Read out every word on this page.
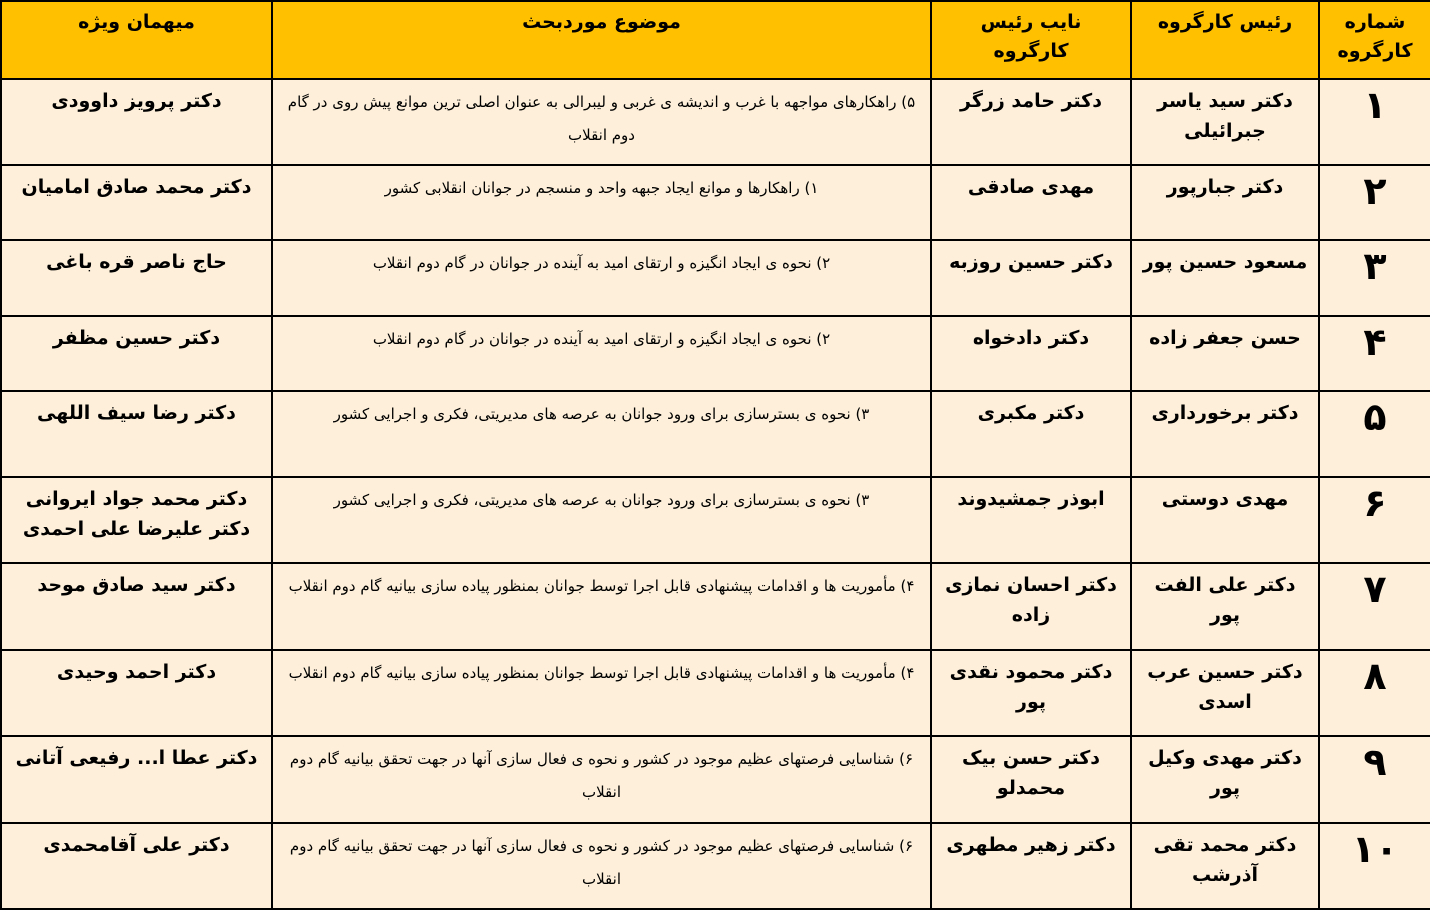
شماره کارگروه	رئیس کارگروه	نایب رئیس کارگروه	موضوع موردبحث	میهمان ویژه
۱	دکتر سید یاسر جبرائیلی	دکتر حامد زرگر	۵) راهکارهای مواجهه با غرب و اندیشه ی غربی و لیبرالی به عنوان اصلی ترین موانع پیش روی در گام دوم انقلاب	دکتر پرویز داوودی
۲	دکتر جبارپور	مهدی صادقی	۱) راهکارها و موانع ایجاد جبهه واحد و منسجم در جوانان انقلابی کشور	دکتر محمد صادق امامیان
۳	مسعود حسین پور	دکتر حسین روزبه	۲) نحوه ی ایجاد انگیزه و ارتقای امید به آینده در جوانان در گام دوم انقلاب	حاج ناصر قره باغی
۴	حسن جعفر زاده	دکتر دادخواه	۲) نحوه ی ایجاد انگیزه و ارتقای امید به آینده در جوانان در گام دوم انقلاب	دکتر حسین مظفر
۵	دکتر برخورداری	دکتر مکبری	۳) نحوه ی بسترسازی برای ورود جوانان به عرصه های مدیریتی، فکری و اجرایی کشور	دکتر رضا سیف اللهی
۶	مهدی دوستی	ابوذر جمشیدوند	۳) نحوه ی بسترسازی برای ورود جوانان به عرصه های مدیریتی، فکری و اجرایی کشور	دکتر محمد جواد ایروانی دکتر علیرضا علی احمدی
۷	دکتر علی الفت پور	دکتر احسان نمازی زاده	۴) مأموریت ها و اقدامات پیشنهادی قابل اجرا توسط جوانان بمنظور پیاده سازی بیانیه گام دوم انقلاب	دکتر سید صادق موحد
۸	دکتر حسین عرب اسدی	دکتر محمود نقدی پور	۴) مأموریت ها و اقدامات پیشنهادی قابل اجرا توسط جوانان بمنظور پیاده سازی بیانیه گام دوم انقلاب	دکتر احمد وحیدی
۹	دکتر مهدی وکیل پور	دکتر حسن بیک محمدلو	۶) شناسایی فرصتهای عظیم موجود در کشور و نحوه ی فعال سازی آنها در جهت تحقق بیانیه گام دوم انقلاب	دکتر عطا ا... رفیعی آتانی
۱۰	دکتر محمد تقی آذرشب	دکتر زهیر مطهری	۶) شناسایی فرصتهای عظیم موجود در کشور و نحوه ی فعال سازی آنها در جهت تحقق بیانیه گام دوم انقلاب	دکتر علی آقامحمدی
